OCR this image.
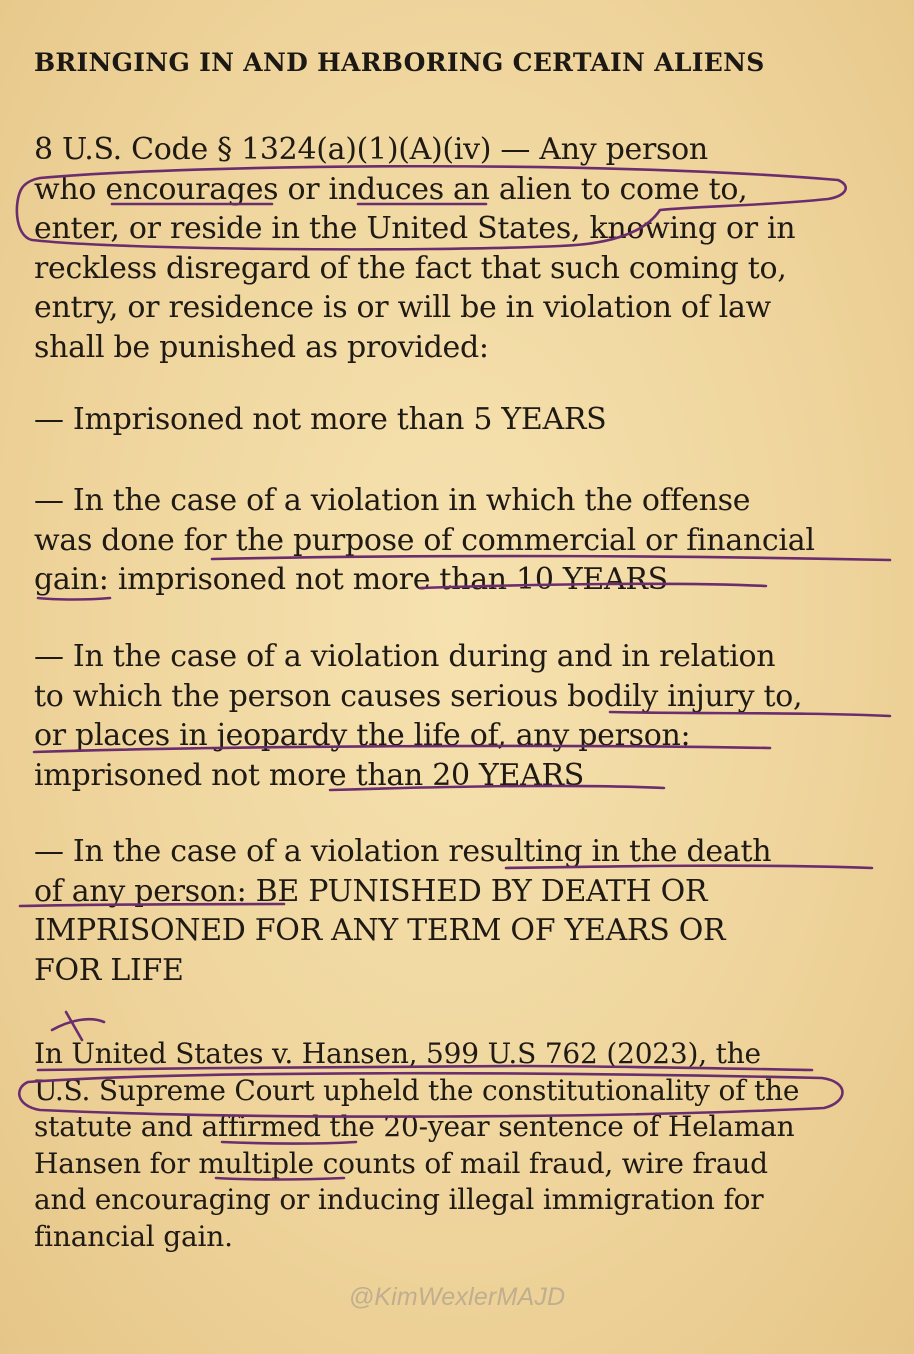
BRINGING IN AND HARBORING CERTAIN ALIENS

8 U.S. Code § 1324(a)(1)(A)(iv) — Any person

who encourages or induces an alien to come to,

enter, or reside in the United States, knowing or in

reckless disregard of the fact that such coming to,

entry, or residence is or will be in violation of law

shall be punished as provided:

— Imprisoned not more than 5 YEARS

— In the case of a violation in which the offense

was done for the purpose of commercial or financial

gain: imprisoned not more than 10 YEARS

— In the case of a violation during and in relation

to which the person causes serious bodily injury to,

or places in jeopardy the life of, any person:

imprisoned not more than 20 YEARS

— In the case of a violation resulting in the death

of any person: BE PUNISHED BY DEATH OR

IMPRISONED FOR ANY TERM OF YEARS OR

FOR LIFE

In United States v. Hansen, 599 U.S 762 (2023), the

U.S. Supreme Court upheld the constitutionality of the

statute and affirmed the 20-year sentence of Helaman

Hansen for multiple counts of mail fraud, wire fraud

and encouraging or inducing illegal immigration for

financial gain.

@KimWexlerMAJD
